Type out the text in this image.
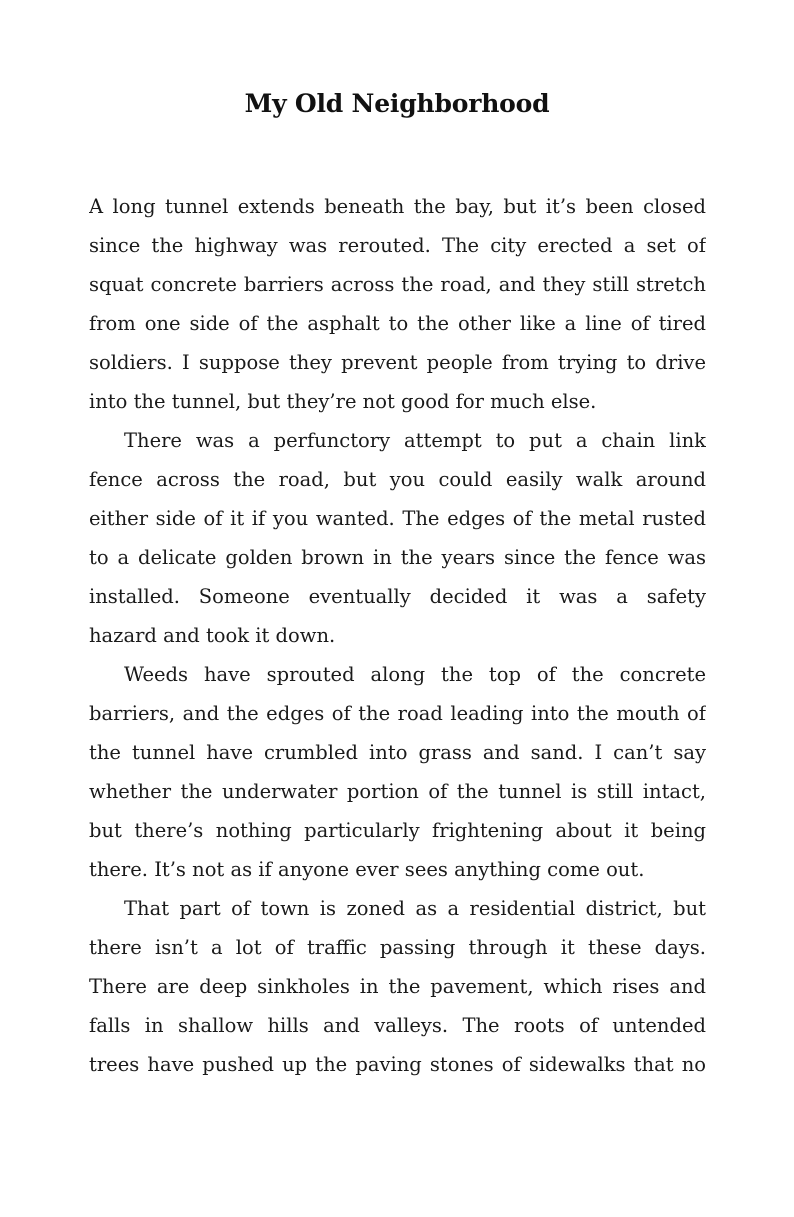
My Old Neighborhood

A long tunnel extends beneath the bay, but it’s been closed
since the highway was rerouted. The city erected a set of
squat concrete barriers across the road, and they still stretch
from one side of the asphalt to the other like a line of tired
soldiers. I suppose they prevent people from trying to drive
into the tunnel, but they’re not good for much else.

There was a perfunctory attempt to put a chain link
fence across the road, but you could easily walk around
either side of it if you wanted. The edges of the metal rusted
to a delicate golden brown in the years since the fence was
installed. Someone eventually decided it was a safety
hazard and took it down.

Weeds have sprouted along the top of the concrete
barriers, and the edges of the road leading into the mouth of
the tunnel have crumbled into grass and sand. I can’t say
whether the underwater portion of the tunnel is still intact,
but there’s nothing particularly frightening about it being
there. It’s not as if anyone ever sees anything come out.

That part of town is zoned as a residential district, but
there isn’t a lot of traffic passing through it these days.
There are deep sinkholes in the pavement, which rises and
falls in shallow hills and valleys. The roots of untended
trees have pushed up the paving stones of sidewalks that no
